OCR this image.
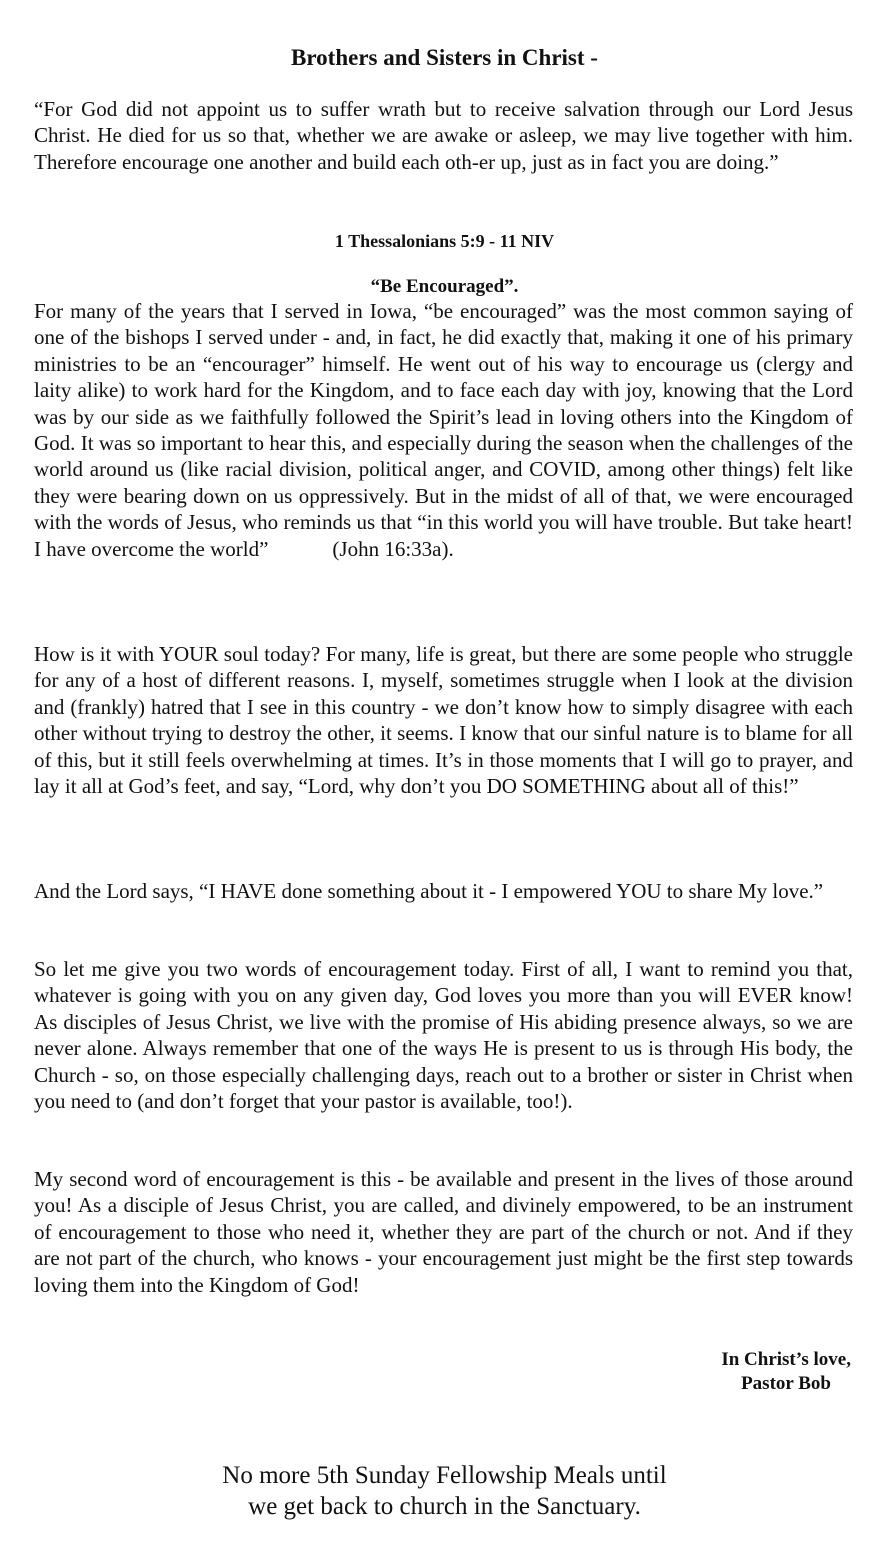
Brothers and Sisters in Christ -

“For God did not appoint us to suffer wrath but to receive salvation through our Lord Jesus Christ. He died for us so that, whether we are awake or asleep, we may live together with him. Therefore encourage one another and build each oth-er up, just as in fact you are doing.”

1 Thessalonians 5:9 - 11 NIV
“Be Encouraged”.

For many of the years that I served in Iowa, “be encouraged” was the most common saying of one of the bishops I served under - and, in fact, he did exactly that, making it one of his primary ministries to be an “encourager” himself. He went out of his way to encourage us (clergy and laity alike) to work hard for the Kingdom, and to face each day with joy, knowing that the Lord was by our side as we faithfully followed the Spirit’s lead in loving others into the Kingdom of God. It was so important to hear this, and especially during the season when the challenges of the world around us (like racial division, political anger, and COVID, among other things) felt like they were bearing down on us oppressively. But in the midst of all of that, we were encouraged with the words of Jesus, who reminds us that “in this world you will have trouble. But take heart! I have overcome the world”	(John 16:33a).

How is it with YOUR soul today? For many, life is great, but there are some people who struggle for any of a host of different reasons. I, myself, sometimes struggle when I look at the division and (frankly) hatred that I see in this country - we don’t know how to simply disagree with each other without trying to destroy the other, it seems. I know that our sinful nature is to blame for all of this, but it still feels overwhelming at times. It’s in those moments that I will go to prayer, and lay it all at God’s feet, and say, “Lord, why don’t you DO SOMETHING about all of this!”

And the Lord says, “I HAVE done something about it - I empowered YOU to share My love.”

So let me give you two words of encouragement today. First of all, I want to remind you that, whatever is going with you on any given day, God loves you more than you will EVER know! As disciples of Jesus Christ, we live with the promise of His abiding presence always, so we are never alone. Always remember that one of the ways He is present to us is through His body, the Church - so, on those especially challenging days, reach out to a brother or sister in Christ when you need to (and don’t forget that your pastor is available, too!).

My second word of encouragement is this - be available and present in the lives of those around you! As a disciple of Jesus Christ, you are called, and divinely empowered, to be an instrument of encouragement to those who need it, whether they are part of the church or not. And if they are not part of the church, who knows - your encouragement just might be the first step towards loving them into the Kingdom of God!

In Christ’s love,
Pastor Bob
No more 5th Sunday Fellowship Meals until
we get back to church in the Sanctuary.
